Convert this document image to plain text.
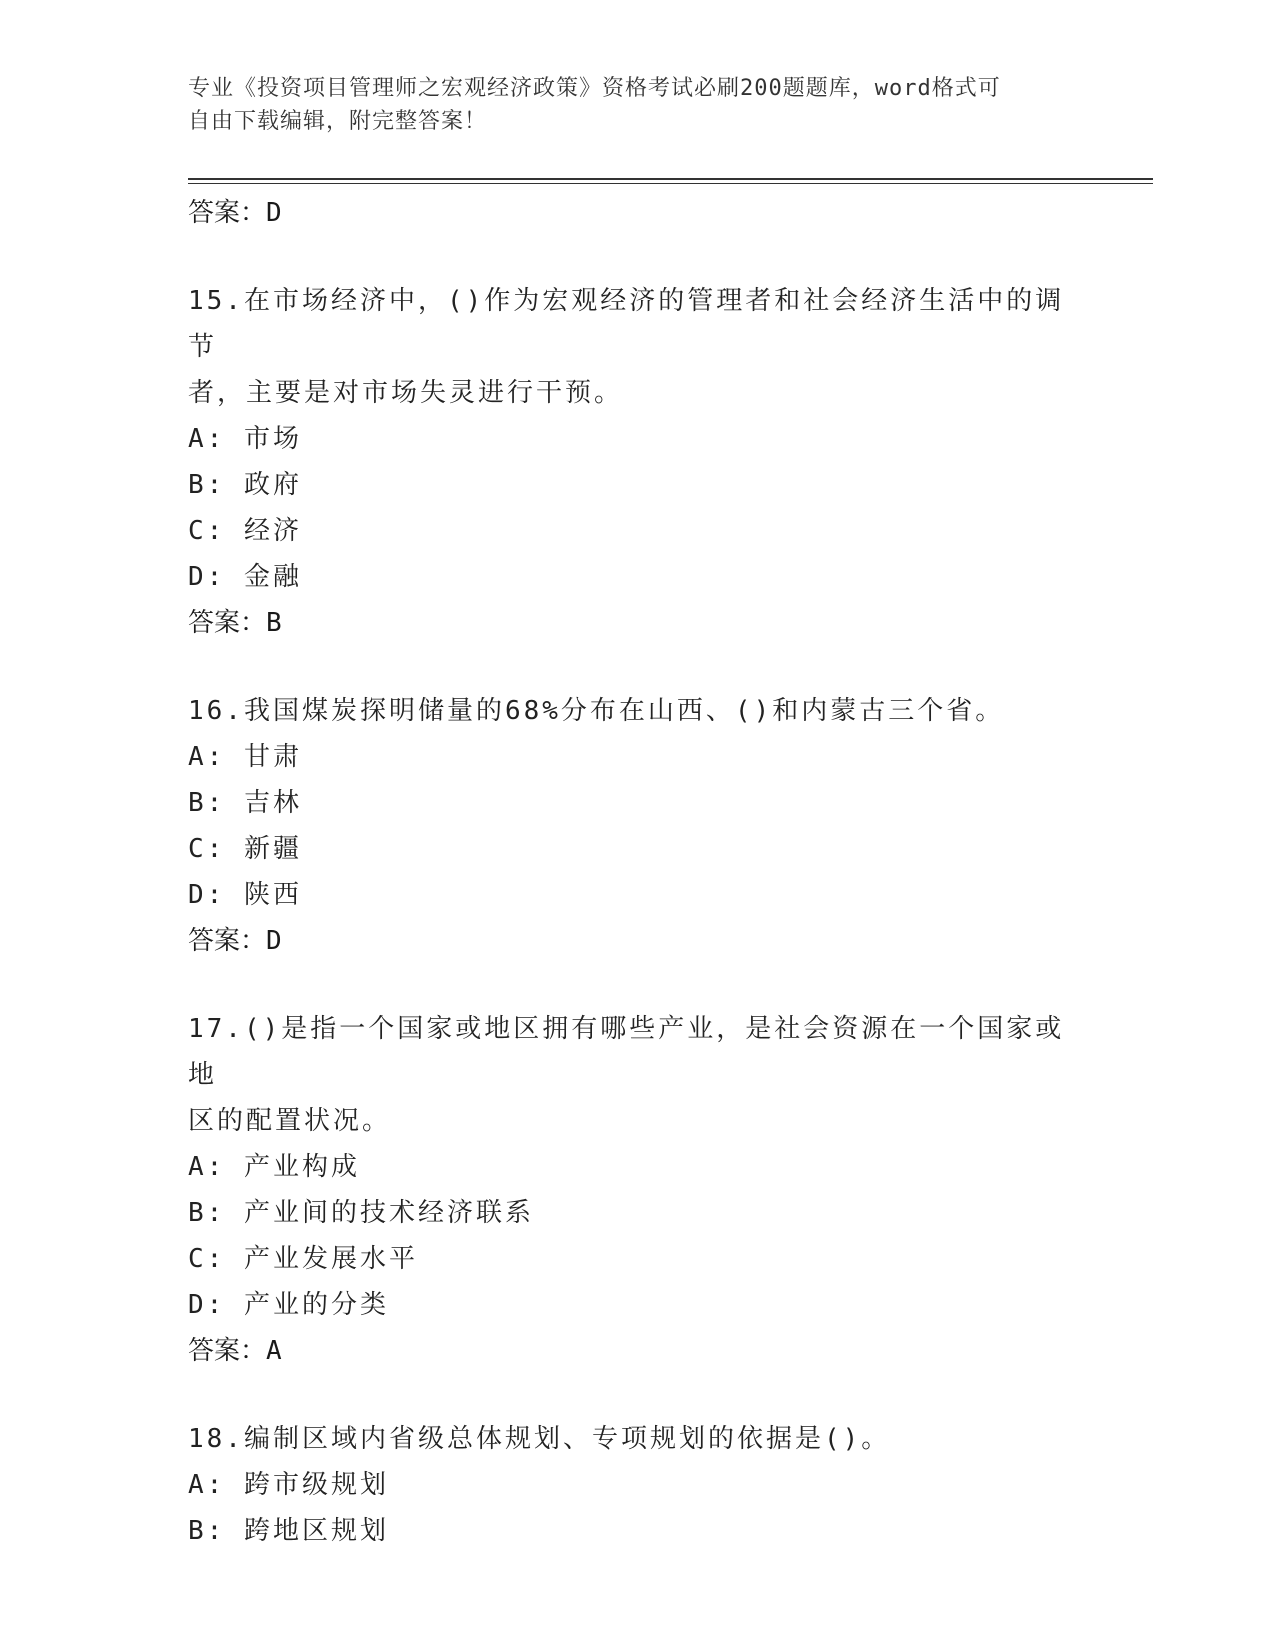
专业《投资项目管理师之宏观经济政策》资格考试必刷200题题库，word格式可
自由下载编辑，附完整答案！

答案：D

15.在市场经济中，()作为宏观经济的管理者和社会经济生活中的调节

者，主要是对市场失灵进行干预。

A: 市场

B: 政府

C: 经济

D: 金融

答案：B

16.我国煤炭探明储量的68%分布在山西、()和内蒙古三个省。

A: 甘肃

B: 吉林

C: 新疆

D: 陕西

答案：D

17.()是指一个国家或地区拥有哪些产业，是社会资源在一个国家或地

区的配置状况。

A: 产业构成

B: 产业间的技术经济联系

C: 产业发展水平

D: 产业的分类

答案：A

18.编制区域内省级总体规划、专项规划的依据是()。

A: 跨市级规划

B: 跨地区规划
